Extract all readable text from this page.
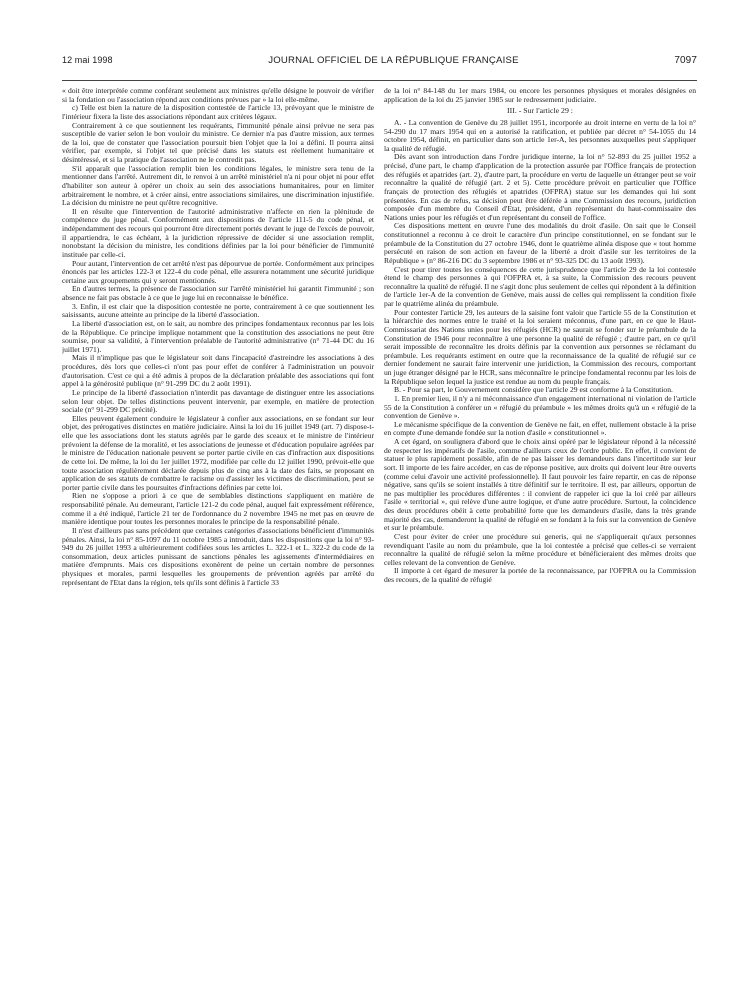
12 mai 1998	JOURNAL OFFICIEL DE LA RÉPUBLIQUE FRANÇAISE	7097

« doit être interprétée comme conférant seulement aux ministres qu'elle désigne le pouvoir de vérifier si la fondation ou l'association répond aux conditions prévues par » la loi elle-même.

c) Telle est bien la nature de la disposition contestée de l'article 13, prévoyant que le ministre de l'intérieur fixera la liste des associations répondant aux critères légaux.

Contrairement à ce que soutiennent les requérants, l'immunité pénale ainsi prévue ne sera pas susceptible de varier selon le bon vouloir du ministre. Ce dernier n'a pas d'autre mission, aux termes de la loi, que de constater que l'association poursuit bien l'objet que la loi a défini. Il pourra ainsi vérifier, par exemple, si l'objet tel que précisé dans les statuts est réellement humanitaire et désintéressé, et si la pratique de l'association ne le contredit pas.

S'il apparaît que l'association remplit bien les conditions légales, le ministre sera tenu de la mentionner dans l'arrêté. Autrement dit, le renvoi à un arrêté ministériel n'a ni pour objet ni pour effet d'habiliter son auteur à opérer un choix au sein des associations humanitaires, pour en limiter arbitrairement le nombre, et à créer ainsi, entre associations similaires, une discrimination injustifiée. La décision du ministre ne peut qu'être recognitive.

Il en résulte que l'intervention de l'autorité administrative n'affecte en rien la plénitude de compétence du juge pénal. Conformément aux dispositions de l'article 111-5 du code pénal, et indépendamment des recours qui pourront être directement portés devant le juge de l'excès de pouvoir, il appartiendra, le cas échéant, à la juridiction répressive de décider si une association remplit, nonobstant la décision du ministre, les conditions définies par la loi pour bénéficier de l'immunité instituée par celle-ci.

Pour autant, l'intervention de cet arrêté n'est pas dépourvue de portée. Conformément aux principes énoncés par les articles 122-3 et 122-4 du code pénal, elle assurera notamment une sécurité juridique certaine aux groupements qui y seront mentionnés.

En d'autres termes, la présence de l'association sur l'arrêté ministériel lui garantit l'immunité ; son absence ne fait pas obstacle à ce que le juge lui en reconnaisse le bénéfice.

3. Enfin, il est clair que la disposition contestée ne porte, contrairement à ce que soutiennent les saisissants, aucune atteinte au principe de la liberté d'association.

La liberté d'association est, on le sait, au nombre des principes fondamentaux reconnus par les lois de la République. Ce principe implique notamment que la constitution des associations ne peut être soumise, pour sa validité, à l'intervention préalable de l'autorité administrative (n° 71-44 DC du 16 juillet 1971).

Mais il n'implique pas que le législateur soit dans l'incapacité d'astreindre les associations à des procédures, dès lors que celles-ci n'ont pas pour effet de conférer à l'administration un pouvoir d'autorisation. C'est ce qui a été admis à propos de la déclaration préalable des associations qui font appel à la générosité publique (n° 91-299 DC du 2 août 1991).

Le principe de la liberté d'association n'interdit pas davantage de distinguer entre les associations selon leur objet. De telles distinctions peuvent intervenir, par exemple, en matière de protection sociale (n° 91-299 DC précité).

Elles peuvent également conduire le législateur à confier aux associations, en se fondant sur leur objet, des prérogatives distinctes en matière judiciaire. Ainsi la loi du 16 juillet 1949 (art. 7) dispose-t-elle que les associations dont les statuts agréés par le garde des sceaux et le ministre de l'intérieur prévoient la défense de la moralité, et les associations de jeunesse et d'éducation populaire agréées par le ministre de l'éducation nationale peuvent se porter partie civile en cas d'infraction aux dispositions de cette loi. De même, la loi du 1er juillet 1972, modifiée par celle du 12 juillet 1990, prévoit-elle que toute association régulièrement déclarée depuis plus de cinq ans à la date des faits, se proposant en application de ses statuts de combattre le racisme ou d'assister les victimes de discrimination, peut se porter partie civile dans les poursuites d'infractions définies par cette loi.

Rien ne s'oppose a priori à ce que de semblables distinctions s'appliquent en matière de responsabilité pénale. Au demeurant, l'article 121-2 du code pénal, auquel fait expressément référence, comme il a été indiqué, l'article 21 ter de l'ordonnance du 2 novembre 1945 ne met pas en œuvre de manière identique pour toutes les personnes morales le principe de la responsabilité pénale.

Il n'est d'ailleurs pas sans précédent que certaines catégories d'associations bénéficient d'immunités pénales. Ainsi, la loi n° 85-1097 du 11 octobre 1985 a introduit, dans les dispositions que la loi n° 93-949 du 26 juillet 1993 a ultérieurement codifiées sous les articles L. 322-1 et L. 322-2 du code de la consommation, deux articles punissant de sanctions pénales les agissements d'intermédiaires en matière d'emprunts. Mais ces dispositions exonèrent de peine un certain nombre de personnes physiques et morales, parmi lesquelles les groupements de prévention agréés par arrêté du représentant de l'Etat dans la région, tels qu'ils sont définis à l'article 33

de la loi n° 84-148 du 1er mars 1984, ou encore les personnes physiques et morales désignées en application de la loi du 25 janvier 1985 sur le redressement judiciaire.

III. - Sur l'article 29 :

A. - La convention de Genève du 28 juillet 1951, incorporée au droit interne en vertu de la loi n° 54-290 du 17 mars 1954 qui en a autorisé la ratification, et publiée par décret n° 54-1055 du 14 octobre 1954, définit, en particulier dans son article 1er-A, les personnes auxquelles peut s'appliquer la qualité de réfugié.

Dès avant son introduction dans l'ordre juridique interne, la loi n° 52-893 du 25 juillet 1952 a précisé, d'une part, le champ d'application de la protection assurée par l'Office français de protection des réfugiés et apatrides (art. 2), d'autre part, la procédure en vertu de laquelle un étranger peut se voir reconnaître la qualité de réfugié (art. 2 et 5). Cette procédure prévoit en particulier que l'Office français de protection des réfugiés et apatrides (OFPRA) statue sur les demandes qui lui sont présentées. En cas de refus, sa décision peut être déférée à une Commission des recours, juridiction composée d'un membre du Conseil d'Etat, président, d'un représentant du haut-commissaire des Nations unies pour les réfugiés et d'un représentant du conseil de l'office.

Ces dispositions mettent en œuvre l'une des modalités du droit d'asile. On sait que le Conseil constitutionnel a reconnu à ce droit le caractère d'un principe constitutionnel, en se fondant sur le préambule de la Constitution du 27 octobre 1946, dont le quatrième alinéa dispose que « tout homme persécuté en raison de son action en faveur de la liberté a droit d'asile sur les territoires de la République » (n° 86-216 DC du 3 septembre 1986 et n° 93-325 DC du 13 août 1993).

C'est pour tirer toutes les conséquences de cette jurisprudence que l'article 29 de la loi contestée étend le champ des personnes à qui l'OFPRA et, à sa suite, la Commission des recours peuvent reconnaître la qualité de réfugié. Il ne s'agit donc plus seulement de celles qui répondent à la définition de l'article 1er-A de la convention de Genève, mais aussi de celles qui remplissent la condition fixée par le quatrième alinéa du préambule.

Pour contester l'article 29, les auteurs de la saisine font valoir que l'article 55 de la Constitution et la hiérarchie des normes entre le traité et la loi seraient méconnus, d'une part, en ce que le Haut-Commissariat des Nations unies pour les réfugiés (HCR) ne saurait se fonder sur le préambule de la Constitution de 1946 pour reconnaître à une personne la qualité de réfugié ; d'autre part, en ce qu'il serait impossible de reconnaître les droits définis par la convention aux personnes se réclamant du préambule. Les requérants estiment en outre que la reconnaissance de la qualité de réfugié sur ce dernier fondement ne saurait faire intervenir une juridiction, la Commission des recours, comportant un juge étranger désigné par le HCR, sans méconnaître le principe fondamental reconnu par les lois de la République selon lequel la justice est rendue au nom du peuple français.

B. - Pour sa part, le Gouvernement considère que l'article 29 est conforme à la Constitution.

1. En premier lieu, il n'y a ni méconnaissance d'un engagement international ni violation de l'article 55 de la Constitution à conférer un « réfugié du préambule » les mêmes droits qu'à un « réfugié de la convention de Genève ».

Le mécanisme spécifique de la convention de Genève ne fait, en effet, nullement obstacle à la prise en compte d'une demande fondée sur la notion d'asile « constitutionnel ».

A cet égard, on soulignera d'abord que le choix ainsi opéré par le législateur répond à la nécessité de respecter les impératifs de l'asile, comme d'ailleurs ceux de l'ordre public. En effet, il convient de statuer le plus rapidement possible, afin de ne pas laisser les demandeurs dans l'incertitude sur leur sort. Il importe de les faire accéder, en cas de réponse positive, aux droits qui doivent leur être ouverts (comme celui d'avoir une activité professionnelle). Il faut pouvoir les faire repartir, en cas de réponse négative, sans qu'ils se soient installés à titre définitif sur le territoire. Il est, par ailleurs, opportun de ne pas multiplier les procédures différentes : il convient de rappeler ici que la loi créé par ailleurs l'asile « territorial », qui relève d'une autre logique, et d'une autre procédure. Surtout, la coïncidence des deux procédures obéit à cette probabilité forte que les demandeurs d'asile, dans la très grande majorité des cas, demanderont la qualité de réfugié en se fondant à la fois sur la convention de Genève et sur le préambule.

C'est pour éviter de créer une procédure sui generis, qui ne s'appliquerait qu'aux personnes revendiquant l'asile au nom du préambule, que la loi contestée a précisé que celles-ci se verraient reconnaître la qualité de réfugié selon la même procédure et bénéficieraient des mêmes droits que celles relevant de la convention de Genève.

Il importe à cet égard de mesurer la portée de la reconnaissance, par l'OFPRA ou la Commission des recours, de la qualité de réfugié
